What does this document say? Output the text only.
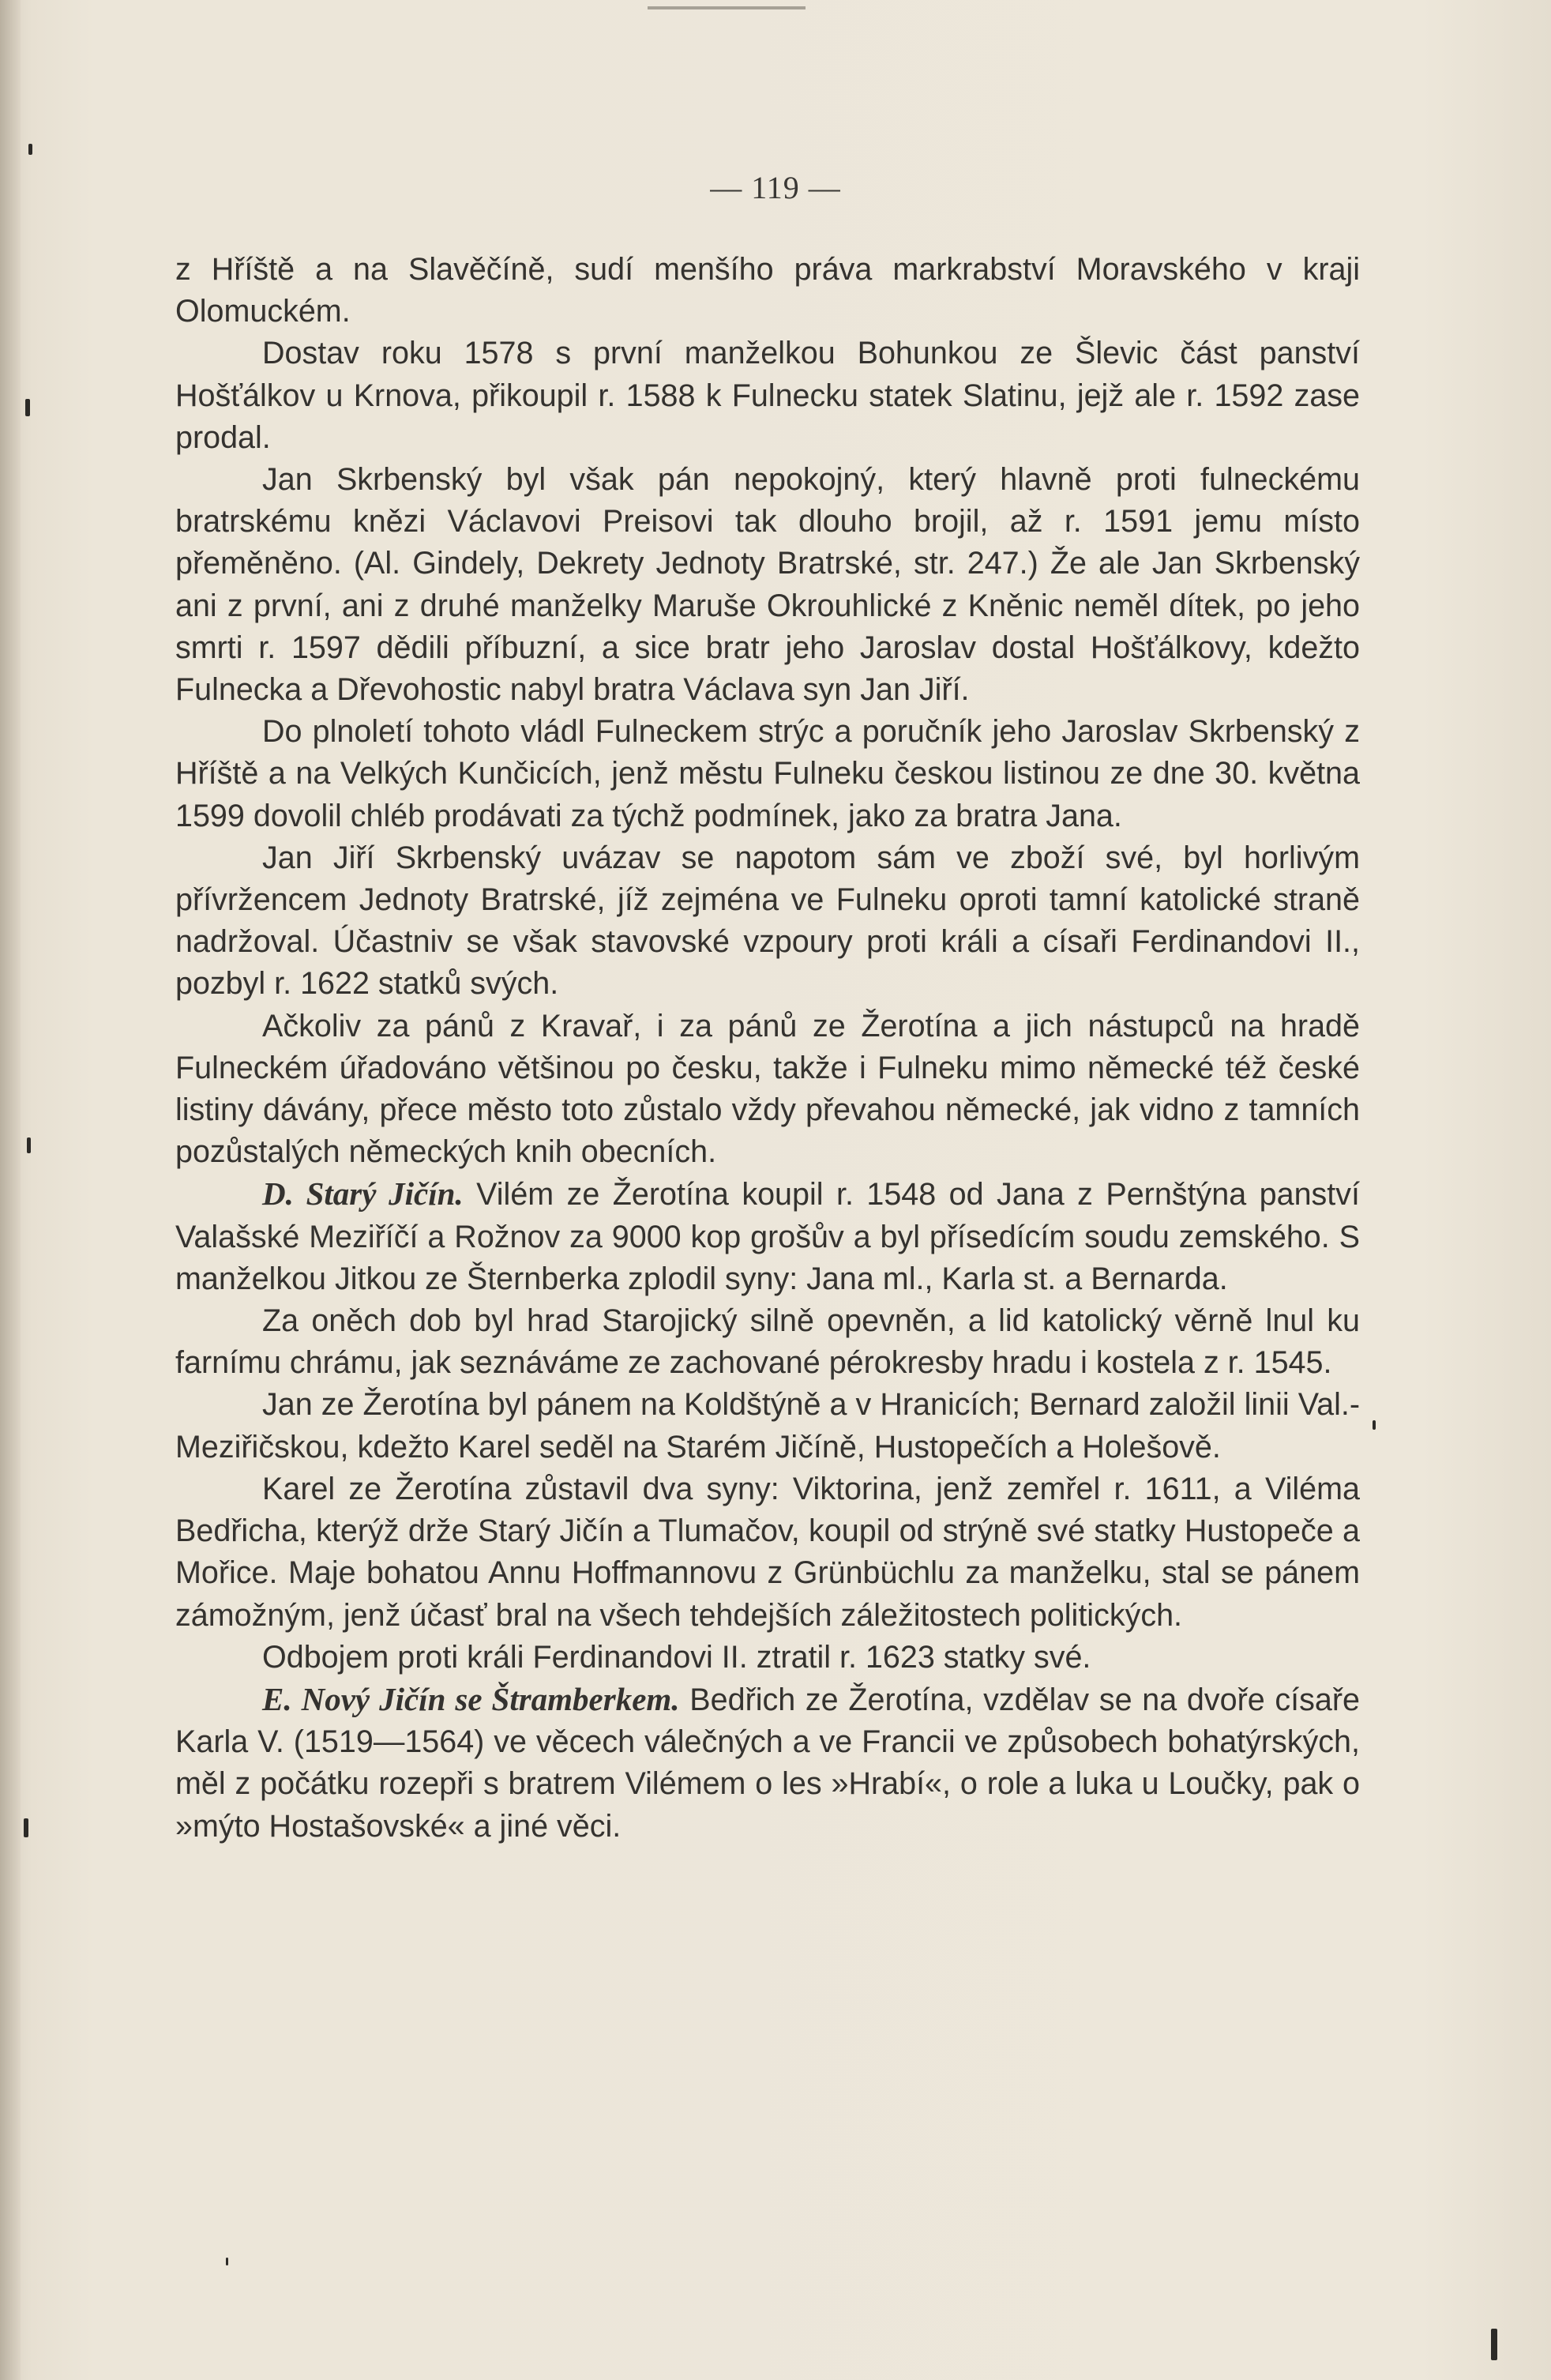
— 119 —

z Hříště a na Slavěčíně, sudí menšího práva markrabství Moravského v kraji Olomuckém.

Dostav roku 1578 s první manželkou Bohunkou ze Šlevic část panství Hošťálkov u Krnova, přikoupil r. 1588 k Fulnecku statek Slatinu, jejž ale r. 1592 zase prodal.

Jan Skrbenský byl však pán nepokojný, který hlavně proti fulneckému bratrskému knězi Václavovi Preisovi tak dlouho brojil, až r. 1591 jemu místo přeměněno. (Al. Gindely, Dekrety Jednoty Bratrské, str. 247.) Že ale Jan Skrbenský ani z první, ani z druhé manželky Maruše Okrouhlické z Kněnic neměl dítek, po jeho smrti r. 1597 dědili příbuzní, a sice bratr jeho Jaroslav dostal Hošťálkovy, kdežto Fulnecka a Dřevohostic nabyl bratra Václava syn Jan Jiří.

Do plnoletí tohoto vládl Fulneckem strýc a poručník jeho Jaroslav Skrbenský z Hříště a na Velkých Kunčicích, jenž městu Fulneku českou listinou ze dne 30. května 1599 dovolil chléb prodávati za týchž podmínek, jako za bratra Jana.

Jan Jiří Skrbenský uvázav se napotom sám ve zboží své, byl horlivým přívržencem Jednoty Bratrské, jíž zejména ve Fulneku oproti tamní katolické straně nadržoval. Účastniv se však stavovské vzpoury proti králi a císaři Ferdinandovi II., pozbyl r. 1622 statků svých.

Ačkoliv za pánů z Kravař, i za pánů ze Žerotína a jich nástupců na hradě Fulneckém úřadováno většinou po česku, takže i Fulneku mimo německé též české listiny dávány, přece město toto zůstalo vždy převahou německé, jak vidno z tamních pozůstalých německých knih obecních.

D. Starý Jičín. Vilém ze Žerotína koupil r. 1548 od Jana z Pernštýna panství Valašské Meziříčí a Rožnov za 9000 kop grošův a byl přísedícím soudu zemského. S manželkou Jitkou ze Šternberka zplodil syny: Jana ml., Karla st. a Bernarda.

Za oněch dob byl hrad Starojický silně opevněn, a lid katolický věrně lnul ku farnímu chrámu, jak seznáváme ze zachované pérokresby hradu i kostela z r. 1545.

Jan ze Žerotína byl pánem na Koldštýně a v Hranicích; Bernard založil linii Val.-Meziřičskou, kdežto Karel seděl na Starém Jičíně, Hustopečích a Holešově.

Karel ze Žerotína zůstavil dva syny: Viktorina, jenž zemřel r. 1611, a Viléma Bedřicha, kterýž drže Starý Jičín a Tlumačov, koupil od strýně své statky Hustopeče a Mořice. Maje bohatou Annu Hoffmannovu z Grünbüchlu za manželku, stal se pánem zámožným, jenž účasť bral na všech tehdejších záležitostech politických.

Odbojem proti králi Ferdinandovi II. ztratil r. 1623 statky své.

E. Nový Jičín se Štramberkem. Bedřich ze Žerotína, vzdělav se na dvoře císaře Karla V. (1519—1564) ve věcech válečných a ve Francii ve způsobech bohatýrských, měl z počátku rozepři s bratrem Vilémem o les »Hrabí«, o role a luka u Loučky, pak o »mýto Hostašovské« a jiné věci.
